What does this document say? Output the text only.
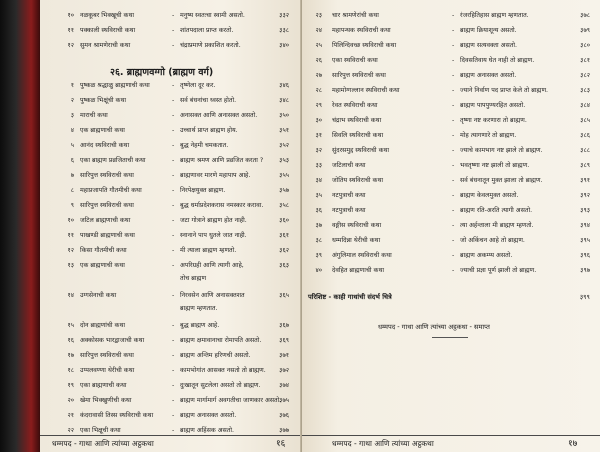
१० नळकूबर भिक्खूची कथा	- मनुष्य स्वतःचा स्वामी असतो.	३३२
११ पक्काली स्थविराची कथा	- शांतपदाला प्राप्त करतो.	३३८
१२ सुमन श्रामणेराची कथा	- चंद्राप्रमाणे प्रकाशित करतो.	३४०
२६. ब्राह्मणवग्गो (ब्राह्मण वर्ग)
१ पुष्कळ श्रद्धाळु ब्राह्मणाची कथा	- तृष्णेला दूर कर.	३४६
२ पुष्कळ भिक्षूंची कथा	- सर्व बंधनांचा ध्वस्त होतो.	३४८
३ माराची कथा	- अनासक्त आणि अनासक्त असतो.	३५०
४ एक ब्राह्मणाची कथा	- उच्चार्थ प्राप्त ब्राह्मण होय.	३५१
५ आनंद स्थविराची कथा	- बुद्ध नेहमी चमकतात.	३५२
६ एका ब्राह्मण प्रव्रजिताची कथा	- ब्राह्मण श्रमण आणि प्रव्रजित करता ?	३५३
७ सारिपुत्त स्थविराची कथा	- ब्राह्मणावर मारणे महापाप आहे.	३५५
८ महाप्रजापति गौतमीची कथा	- निरपेक्षयुक्त ब्राह्मण.	३५७
९ सारिपुत्त स्थविराची कथा	- बुद्ध धर्माप्रदेशकरास नमस्कार करावा.	३५८
१० जटिल ब्राह्मणाची कथा	- जटा गोत्राने ब्राह्मण होत नाही.	३६०
११ पाखण्डी ब्राह्मणाची कथा	- स्नानाने पाप धुतले जात नाही.	३६१
१२ किसा गौतमीची कथा	- मी त्याला ब्राह्मण म्हणतो.	३६२
१३ एक ब्राह्मणाची कथा	- अपरिग्रही आणि त्यागी आहे,	३६३
तोच ब्राह्मण
१४ उग्गसेनाची कथा	- निरवसेन आणि अनासक्तशत	३६५
ब्राह्मण म्हणतात.
१५ दोन ब्राह्मणांची कथा	- बुद्ध ब्राह्मण आहे.	३६७
१६ अक्कोसक भारद्वाजाची कथा	- ब्राह्मण क्षमावानाचा रोमापति असतो.	३६९
१७ सारिपुत्त स्थविराची कथा	- ब्राह्मण अन्तिम हरिणची असतो.	३७१
१८ उप्पलवण्णा थेरीची कथा	- कामभोगांत आसक्त नसतो तो ब्राह्मण.	३७२
१९ एका ब्राह्मणाची कथा	- दुःखातून सुटलेला असतो तो ब्राह्मण.	३७४
२० खेमा भिक्खुणीची कथा	- ब्राह्मण मार्गामार्ग अवगतीचा जाणकार असतो.
३७५
२१ कंदरावासी तिस्स स्थविराची कथा	- ब्राह्मण अनासक्त असतो.	३७६
२२ एका भिक्षूची कथा	- ब्राह्मण अहिंसक असतो.	३७७
धम्मपद - गाथा आणि त्यांच्या अट्ठकथा	१६
२३ चार श्रामणेरांची कथा	- रंजरहितिहास ब्राह्मण म्हणतात.	३७८
२४ महापन्थक स्थविराची कथा	- ब्राह्मण क्रियाशून्य असतो.	३७९
२५ पिलिन्दिवच्छ स्थविराची कथा	- ब्राह्मण सत्यवक्ता असतो.	३८०
२६ एका स्थविराची कथा	- दिवसतिवाय घेत नाही तो ब्राह्मण.	३८१
२७ सारिपुत्त स्थविराची कथा	- ब्राह्मण अनासक्त असतो.	३८२
२८ महामोग्गल्लान स्थविराची कथा	- ज्याने निर्वाण पद प्राप्त केले तो ब्राह्मण.	३८३
२९ रेवत स्थविराची कथा	- ब्राह्मण पापपुण्यरहित असतो.	३८४
३० चंद्राभ स्थविराची कथा	- तृष्णा नष्ट करणारा तो ब्राह्मण.	३८५
३१ सिवलि स्थविराची कथा	- मोह त्यागणारे तो ब्राह्मण.	३८६
३२ सुंदरसमुद्द स्थविराची कथा	- ज्याचे कामभाग नष्ट झाले तो ब्राह्मण.	३८८
३३ जटिलाची कथा	- भवतृष्णा नष्ट झाली तो ब्राह्मण.	३८९
३४ जोतिय स्थविराची कथा	- सर्व बंधनातून मुक्त झाला तो ब्राह्मण.	३९१
३५ नटपुत्राची कथा	- ब्राह्मण केवलमुक्त असतो.	३९२
३६ नटपुत्राची कथा	- ब्राह्मण रति-अरति त्यागी असतो.	३९३
३७ वङ्गीस स्थविराची कथा	- त्या अर्हन्ताला मी ब्राह्मण म्हणतो.	३९४
३८ धम्मदिन्ना थेरीची कथा	- जो अकिंचन आहे तो ब्राह्मण.	३९५
३९ अंगुलिमाल स्थविराची कथा	- ब्राह्मण अकम्प्य असतो.	३९६
४० देवहित ब्राह्मणाची कथा	- ज्याची प्रज्ञा पूर्ण झाली तो ब्राह्मण.	३९७
परिशिष्ट - काही गाथांची संदर्भ चित्रे	३९९
धम्मपद - गाथा आणि त्यांच्या अट्ठकथा - समाप्त
धम्मपद - गाथा आणि त्यांच्या अट्ठकथा	१७
